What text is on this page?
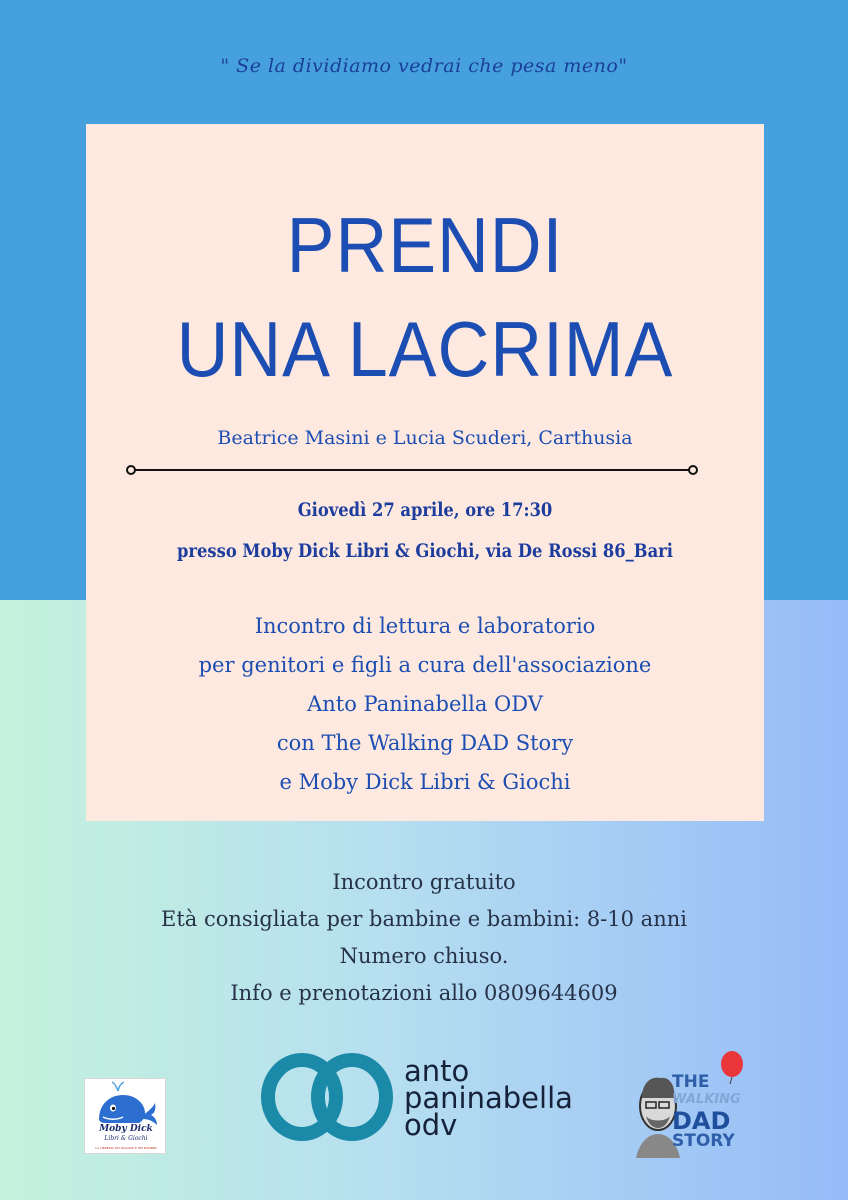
" Se la dividiamo vedrai che pesa meno"
PRENDI
UNA LACRIMA
Beatrice Masini e Lucia Scuderi, Carthusia
Giovedì 27 aprile, ore 17:30
presso Moby Dick Libri & Giochi, via De Rossi 86_Bari
Incontro di lettura e laboratorio
per genitori e figli a cura dell'associazione
Anto Paninabella ODV
con The Walking DAD Story
e Moby Dick Libri & Giochi
Incontro gratuito
Età consigliata per bambine e bambini: 8-10 anni
Numero chiuso.
Info e prenotazioni allo 0809644609
Moby Dick
Libri & Giochi
LA LIBRERIA DEI RAGAZZI E DEI BAMBINI
anto
paninabella
odv
THE
WALKING
DAD
STORY
